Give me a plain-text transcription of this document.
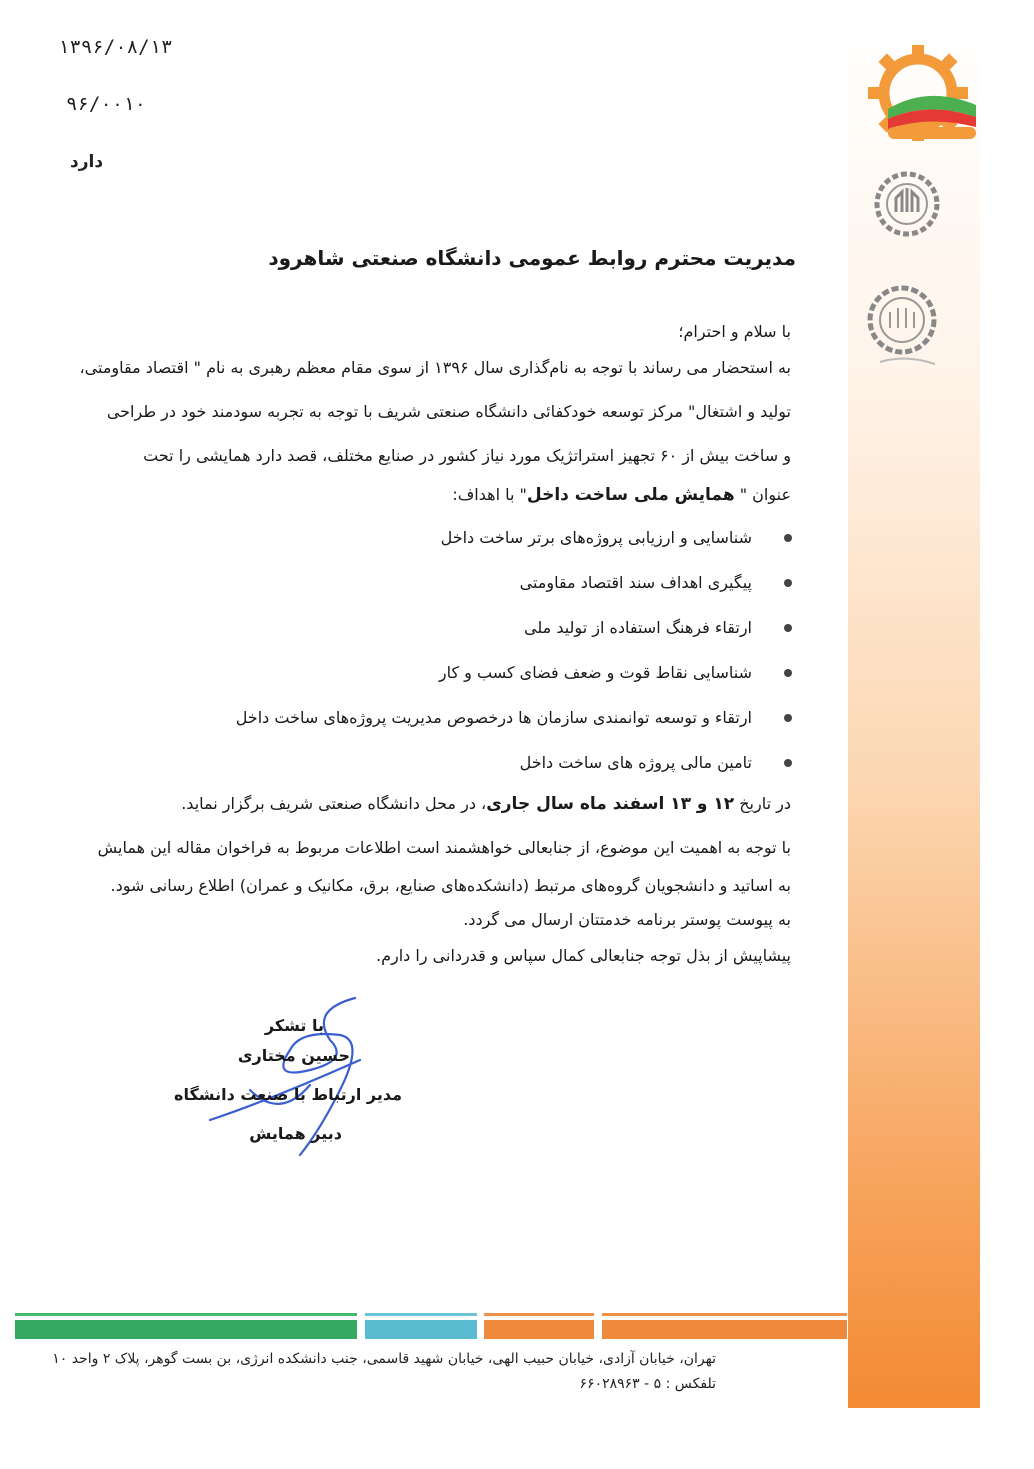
۱۳۹۶/۰۸/۱۳
۹۶/۰۰۱۰
دارد
مدیریت محترم روابط عمومی دانشگاه صنعتی شاهرود
با سلام و احترام؛
به استحضار می رساند با توجه به نام‌گذاری سال ۱۳۹۶ از سوی مقام معظم رهبری به نام " اقتصاد مقاومتی،
تولید و اشتغال" مرکز توسعه خودکفائی دانشگاه صنعتی شریف با توجه به تجربه سودمند خود در طراحی
و ساخت بیش از ۶۰ تجهیز استراتژیک مورد نیاز کشور در صنایع مختلف، قصد دارد همایشی را تحت
عنوان " همایش ملی ساخت داخل" با اهداف:
شناسایی و ارزیابی پروژه‌های برتر ساخت داخل
پیگیری اهداف سند اقتصاد مقاومتی
ارتقاء فرهنگ استفاده از تولید ملی
شناسایی نقاط قوت و ضعف فضای کسب و کار
ارتقاء و توسعه توانمندی سازمان ها درخصوص مدیریت پروژه‌های ساخت داخل
تامین مالی پروژه های ساخت داخل
در تاریخ ۱۲ و ۱۳ اسفند ماه سال جاری، در محل دانشگاه صنعتی شریف برگزار نماید.
با توجه به اهمیت این موضوع، از جنابعالی خواهشمند است اطلاعات مربوط به فراخوان مقاله این همایش
به اساتید و دانشجویان گروه‌های مرتبط (دانشکده‌های صنایع، برق، مکانیک و عمران) اطلاع رسانی شود.
به پیوست پوستر برنامه خدمتتان ارسال می گردد.
پیشاپیش از بذل توجه جنابعالی کمال سپاس و قدردانی را دارم.
با تشکر
حسین مختاری
مدیر ارتباط با صنعت دانشگاه
دبیر همایش
تهران، خیابان آزادی، خیابان حبیب الهی، خیابان شهید قاسمی، جنب دانشکده انرژی، بن بست گوهر، پلاک ۲ واحد ۱۰
تلفکس : ۵ - ۶۶۰۲۸۹۶۳
